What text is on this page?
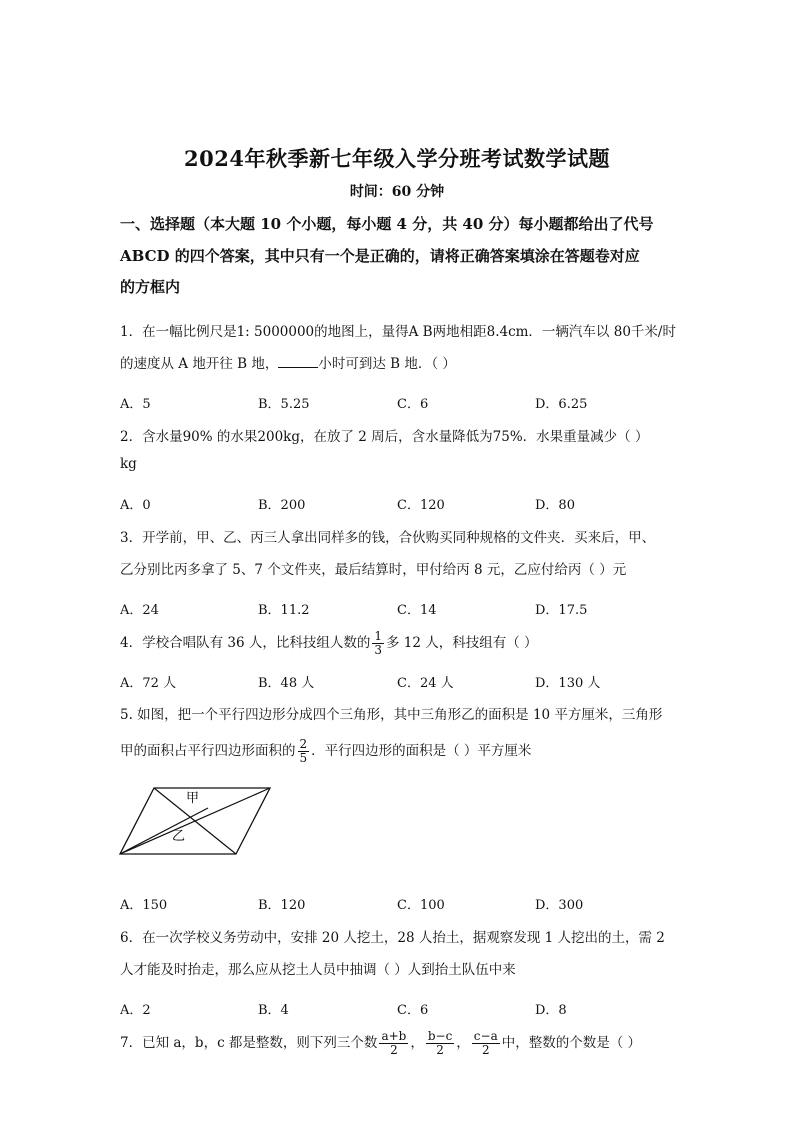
2024年秋季新七年级入学分班考试数学试题
时间：60 分钟
一、选择题（本大题 10 个小题，每小题 4 分，共 40 分）每小题都给出了代号
ABCD 的四个答案，其中只有一个是正确的，请将正确答案填涂在答题卷对应
的方框内
1．在一幅比例尺是1: 5000000的地图上，量得A B两地相距8.4cm．一辆汽车以 80千米/时
的速度从 A 地开往 B 地，	小时可到达 B 地．（ ）
A．5	B．5.25	C．6	D．6.25
2．含水量90% 的水果200kg，在放了 2 周后，含水量降低为75%．水果重量减少（ ）
kg
A．0	B．200	C．120	D．80
3．开学前，甲、乙、丙三人拿出同样多的钱，合伙购买同种规格的文件夹．买来后，甲、
乙分别比丙多拿了 5、7 个文件夹，最后结算时，甲付给丙 8 元，乙应付给丙（ ）元
A．24	B．11.2	C．14	D．17.5
4．学校合唱队有 36 人，比科技组人数的 $\frac{1}{3}$ 多 12 人，科技组有（ ）
A．72 人	B．48 人	C．24 人	D．130 人
5. 如图，把一个平行四边形分成四个三角形，其中三角形乙的面积是 10 平方厘米，三角形
甲的面积占平行四边形面积的 $\frac{2}{5}$ ．平行四边形的面积是（ ）平方厘米
甲
乙
A．150	B．120	C．100	D．300
6．在一次学校义务劳动中，安排 20 人挖土，28 人抬土，据观察发现 1 人挖出的土，需 2
人才能及时抬走，那么应从挖土人员中抽调（ ）人到抬土队伍中来
A．2	B．4	C．6	D．8
7．已知 a，b，c 都是整数，则下列三个数 $\frac{a+b}{2}$ ， $\frac{b-c}{2}$ ， $\frac{c-a}{2}$ 中，整数的个数是（ ）
